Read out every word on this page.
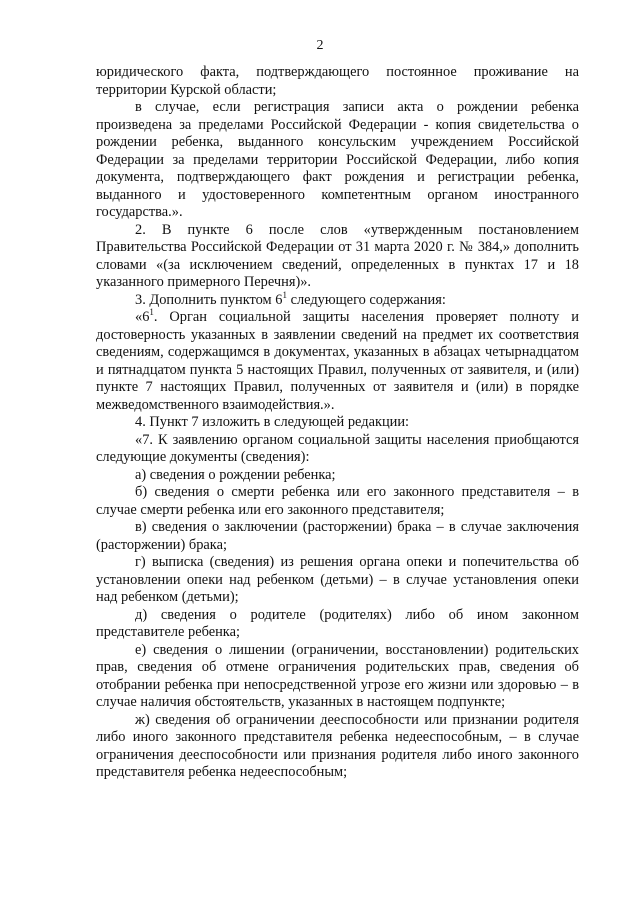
2

юридического факта, подтверждающего постоянное проживание на территории Курской области;

в случае, если регистрация записи акта о рождении ребенка произведена за пределами Российской Федерации - копия свидетельства о рождении ребенка, выданного консульским учреждением Российской Федерации за пределами территории Российской Федерации, либо копия документа, подтверждающего факт рождения и регистрации ребенка, выданного и удостоверенного компетентным органом иностранного государства.».

2. В пункте 6 после слов «утвержденным постановлением Правительства Российской Федерации от 31 марта 2020 г. № 384,» дополнить словами «(за исключением сведений, определенных в пунктах 17 и 18 указанного примерного Перечня)».

3. Дополнить пунктом $6^1$ следующего содержания:

«$6^1$. Орган социальной защиты населения проверяет полноту и достоверность указанных в заявлении сведений на предмет их соответствия сведениям, содержащимся в документах, указанных в абзацах четырнадцатом и пятнадцатом пункта 5 настоящих Правил, полученных от заявителя, и (или) пункте 7 настоящих Правил, полученных от заявителя и (или) в порядке межведомственного взаимодействия.».

4. Пункт 7 изложить в следующей редакции:

«7. К заявлению органом социальной защиты населения приобщаются следующие документы (сведения):

а) сведения о рождении ребенка;

б) сведения о смерти ребенка или его законного представителя – в случае смерти ребенка или его законного представителя;

в) сведения о заключении (расторжении) брака – в случае заключения (расторжении) брака;

г) выписка (сведения) из решения органа опеки и попечительства об установлении опеки над ребенком (детьми) – в случае установления опеки над ребенком (детьми);

д) сведения о родителе (родителях) либо об ином законном представителе ребенка;

е) сведения о лишении (ограничении, восстановлении) родительских прав, сведения об отмене ограничения родительских прав, сведения об отобрании ребенка при непосредственной угрозе его жизни или здоровью – в случае наличия обстоятельств, указанных в настоящем подпункте;

ж) сведения об ограничении дееспособности или признании родителя либо иного законного представителя ребенка недееспособным, – в случае ограничения дееспособности или признания родителя либо иного законного представителя ребенка недееспособным;
